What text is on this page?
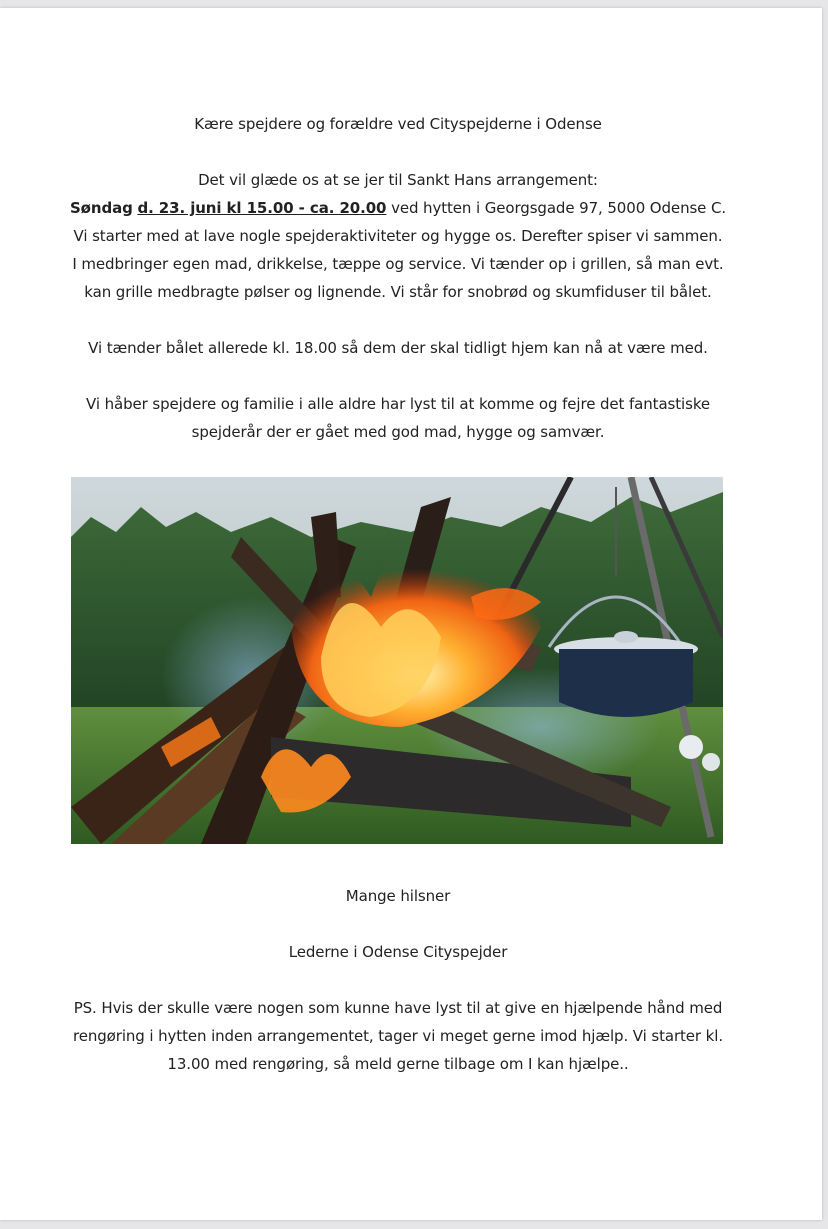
Kære spejdere og forældre ved Cityspejderne i Odense
Det vil glæde os at se jer til Sankt Hans arrangement:
Søndag d. 23. juni kl 15.00 - ca. 20.00 ved hytten i Georgsgade 97, 5000 Odense C.
Vi starter med at lave nogle spejderaktiviteter og hygge os. Derefter spiser vi sammen.
I medbringer egen mad, drikkelse, tæppe og service. Vi tænder op i grillen, så man evt.
kan grille medbragte pølser og lignende. Vi står for snobrød og skumfiduser til bålet.
Vi tænder bålet allerede kl. 18.00 så dem der skal tidligt hjem kan nå at være med.
Vi håber spejdere og familie i alle aldre har lyst til at komme og fejre det fantastiske
spejderår der er gået med god mad, hygge og samvær.
Mange hilsner
Lederne i Odense Cityspejder
PS. Hvis der skulle være nogen som kunne have lyst til at give en hjælpende hånd med
rengøring i hytten inden arrangementet, tager vi meget gerne imod hjælp. Vi starter kl.
13.00 med rengøring, så meld gerne tilbage om I kan hjælpe..
